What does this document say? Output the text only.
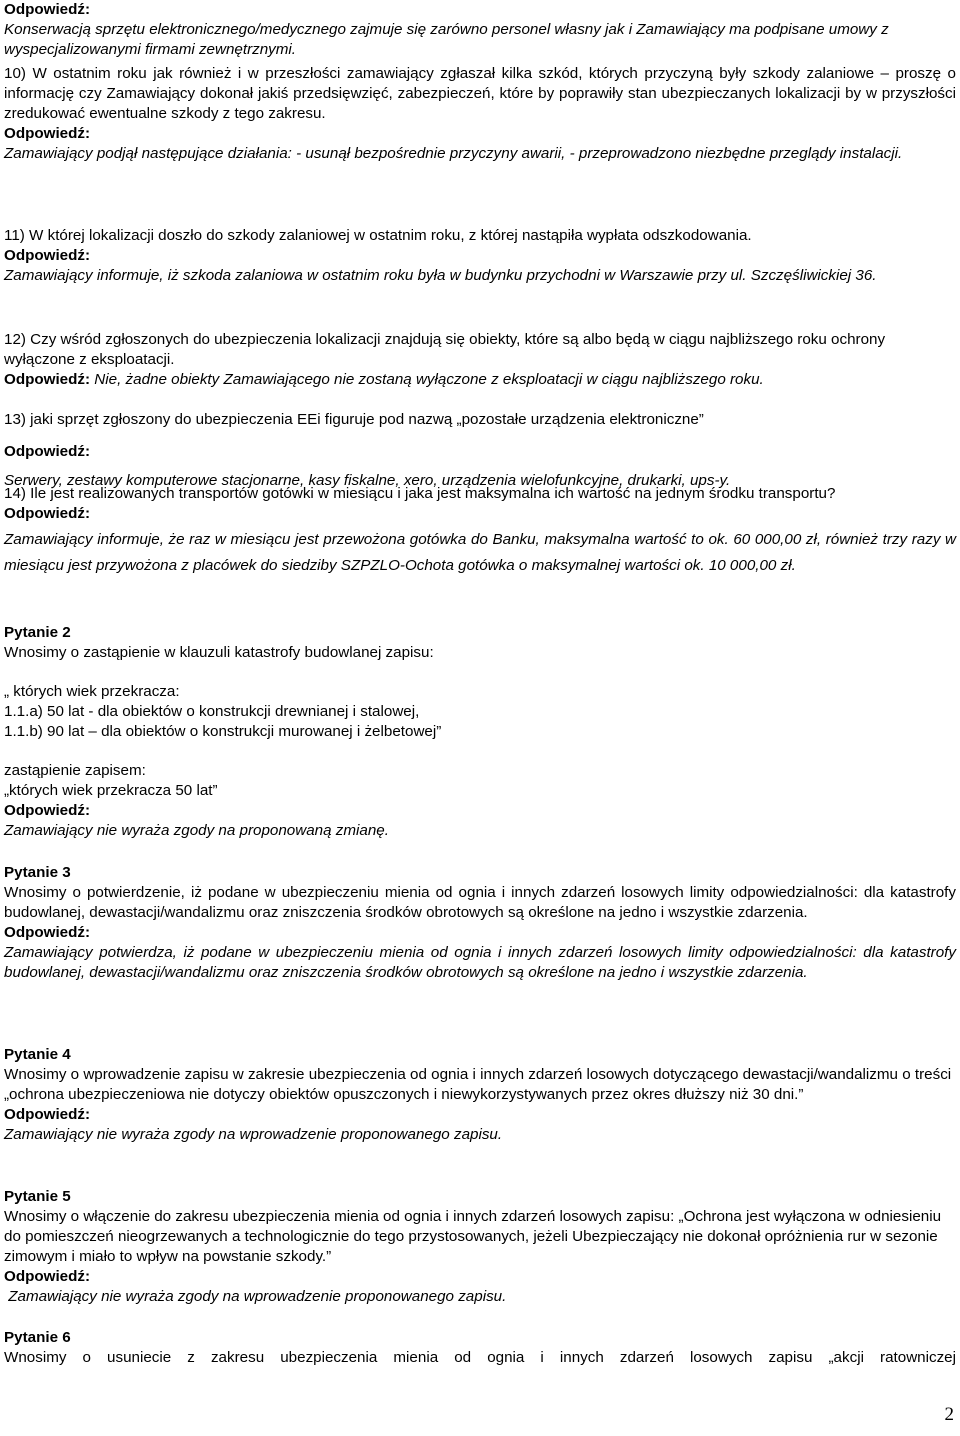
Odpowiedź:

Konserwacją sprzętu elektronicznego/medycznego zajmuje się zarówno personel własny jak i Zamawiający ma podpisane umowy z wyspecjalizowanymi firmami zewnętrznymi.

10) W ostatnim roku jak również i w przeszłości zamawiający zgłaszał kilka szkód, których przyczyną były szkody zalaniowe – proszę o informację czy Zamawiający dokonał jakiś przedsięwzięć, zabezpieczeń, które by poprawiły stan ubezpieczanych lokalizacji by w przyszłości zredukować ewentualne szkody z tego zakresu.

Odpowiedź:

Zamawiający podjął następujące działania: - usunął bezpośrednie przyczyny awarii, - przeprowadzono niezbędne przeglądy instalacji.

11) W której lokalizacji doszło do szkody zalaniowej w ostatnim roku, z której nastąpiła wypłata odszkodowania.

Odpowiedź:

Zamawiający informuje, iż szkoda zalaniowa w ostatnim roku była w budynku przychodni w Warszawie przy ul. Szczęśliwickiej 36.

12) Czy wśród zgłoszonych do ubezpieczenia lokalizacji znajdują się obiekty, które są albo będą w ciągu najbliższego roku ochrony wyłączone z eksploatacji.

Odpowiedź: Nie, żadne obiekty Zamawiającego nie zostaną wyłączone z eksploatacji w ciągu najbliższego roku.

13) jaki sprzęt zgłoszony do ubezpieczenia EEi figuruje pod nazwą „pozostałe urządzenia elektroniczne”

Odpowiedź:

Serwery, zestawy komputerowe stacjonarne, kasy fiskalne, xero, urządzenia wielofunkcyjne, drukarki, ups-y.

14) Ile jest realizowanych transportów gotówki w miesiącu i jaka jest maksymalna ich wartość na jednym środku transportu?

Odpowiedź:

Zamawiający informuje, że raz w miesiącu jest przewożona gotówka do Banku, maksymalna wartość to ok. 60 000,00 zł, również trzy razy w miesiącu jest przywożona z placówek do siedziby SZPZLO-Ochota gotówka o maksymalnej wartości ok. 10 000,00 zł.

Pytanie 2

Wnosimy o zastąpienie w klauzuli katastrofy budowlanej zapisu:

„ których wiek przekracza:

1.1.a) 50 lat - dla obiektów o konstrukcji drewnianej i stalowej,

1.1.b) 90 lat – dla obiektów o konstrukcji murowanej i żelbetowej”

zastąpienie zapisem:

„których wiek przekracza 50 lat”

Odpowiedź:

Zamawiający nie wyraża zgody na proponowaną zmianę.

Pytanie 3

Wnosimy o potwierdzenie, iż podane w ubezpieczeniu mienia od ognia i innych zdarzeń losowych limity odpowiedzialności: dla katastrofy budowlanej, dewastacji/wandalizmu oraz zniszczenia środków obrotowych są określone na jedno i wszystkie zdarzenia.

Odpowiedź:

Zamawiający potwierdza, iż podane w ubezpieczeniu mienia od ognia i innych zdarzeń losowych limity odpowiedzialności: dla katastrofy budowlanej, dewastacji/wandalizmu oraz zniszczenia środków obrotowych są określone na jedno i wszystkie zdarzenia.

Pytanie 4

Wnosimy o wprowadzenie zapisu w zakresie ubezpieczenia od ognia i innych zdarzeń losowych dotyczącego dewastacji/wandalizmu o treści „ochrona ubezpieczeniowa nie dotyczy obiektów opuszczonych i niewykorzystywanych przez okres dłuższy niż 30 dni.”

Odpowiedź:

Zamawiający nie wyraża zgody na wprowadzenie proponowanego zapisu.

Pytanie 5

Wnosimy o włączenie do zakresu ubezpieczenia mienia od ognia i innych zdarzeń losowych zapisu: „Ochrona jest wyłączona w odniesieniu do pomieszczeń nieogrzewanych a technologicznie do tego przystosowanych, jeżeli Ubezpieczający nie dokonał opróżnienia rur w sezonie zimowym i miało to wpływ na powstanie szkody.”

Odpowiedź:

Zamawiający nie wyraża zgody na wprowadzenie proponowanego zapisu.

Pytanie 6

Wnosimy o usuniecie z zakresu ubezpieczenia mienia od ognia i innych zdarzeń losowych zapisu „akcji ratowniczej

2
